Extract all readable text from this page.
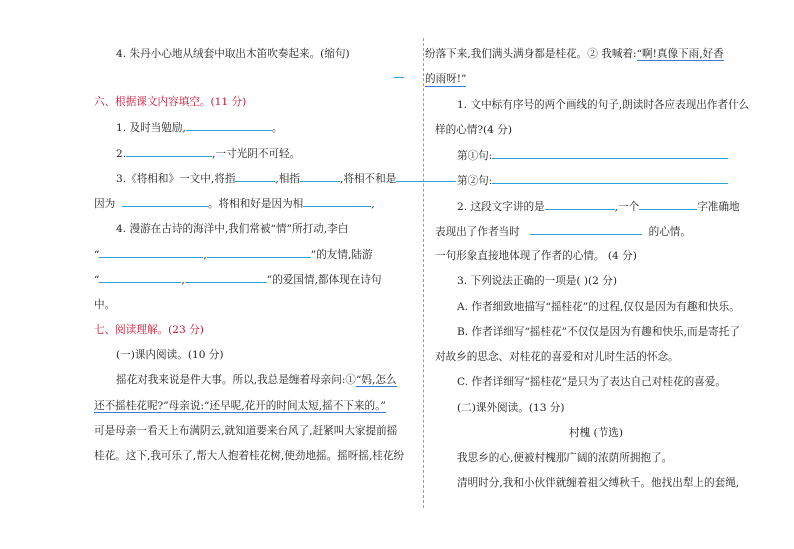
4. 朱丹小心地从绒套中取出木笛吹奏起来。(缩句)
六、根据课文内容填空。(11 分)
1. 及时当勉励,	。
2.	,一寸光阴不可轻。
3.《将相和》一文中,将指	,相指	,将相不和是
因为	。将相和好是因为相	,
4. 漫游在古诗的海洋中,我们常被“情”所打动,李白
“	,	”的友情,陆游
“	,	”的爱国情,都体现在诗句
中。
七、阅读理解。(23 分)
(一)课内阅读。(10 分)
摇花对我来说是件大事。所以,我总是缠着母亲问:①“妈,怎么
还不摇桂花呢?”母亲说:“还早呢,花开的时间太短,摇不下来的。”
可是母亲一看天上布满阴云,就知道要来台风了,赶紧叫大家提前摇
桂花。这下,我可乐了,帮大人抱着桂花树,使劲地摇。摇呀摇,桂花纷
纷落下来,我们满头满身都是桂花。② 我喊着:“啊!真像下雨,好香
的雨呀!”
1. 文中标有序号的两个画线的句子,朗读时各应表现出作者什么
样的心情?(4 分)
第①句:
第②句:
2. 这段文字讲的是	,一个	字准确地
表现出了作者当时	的心情。
一句形象直接地体现了作者的心情。 (4 分)
3. 下列说法正确的一项是( )(2 分)
A. 作者细致地描写“摇桂花”的过程,仅仅是因为有趣和快乐。
B. 作者详细写“摇桂花”不仅仅是因为有趣和快乐,而是寄托了
对故乡的思念、对桂花的喜爱和对儿时生活的怀念。
C. 作者详细写“摇桂花”是只为了表达自己对桂花的喜爱。
(二)课外阅读。(13 分)
村槐 (节选)
我思乡的心,便被村槐那广阔的浓荫所拥抱了。
清明时分,我和小伙伴就缠着祖父缚秋千。他找出犁上的套绳,
